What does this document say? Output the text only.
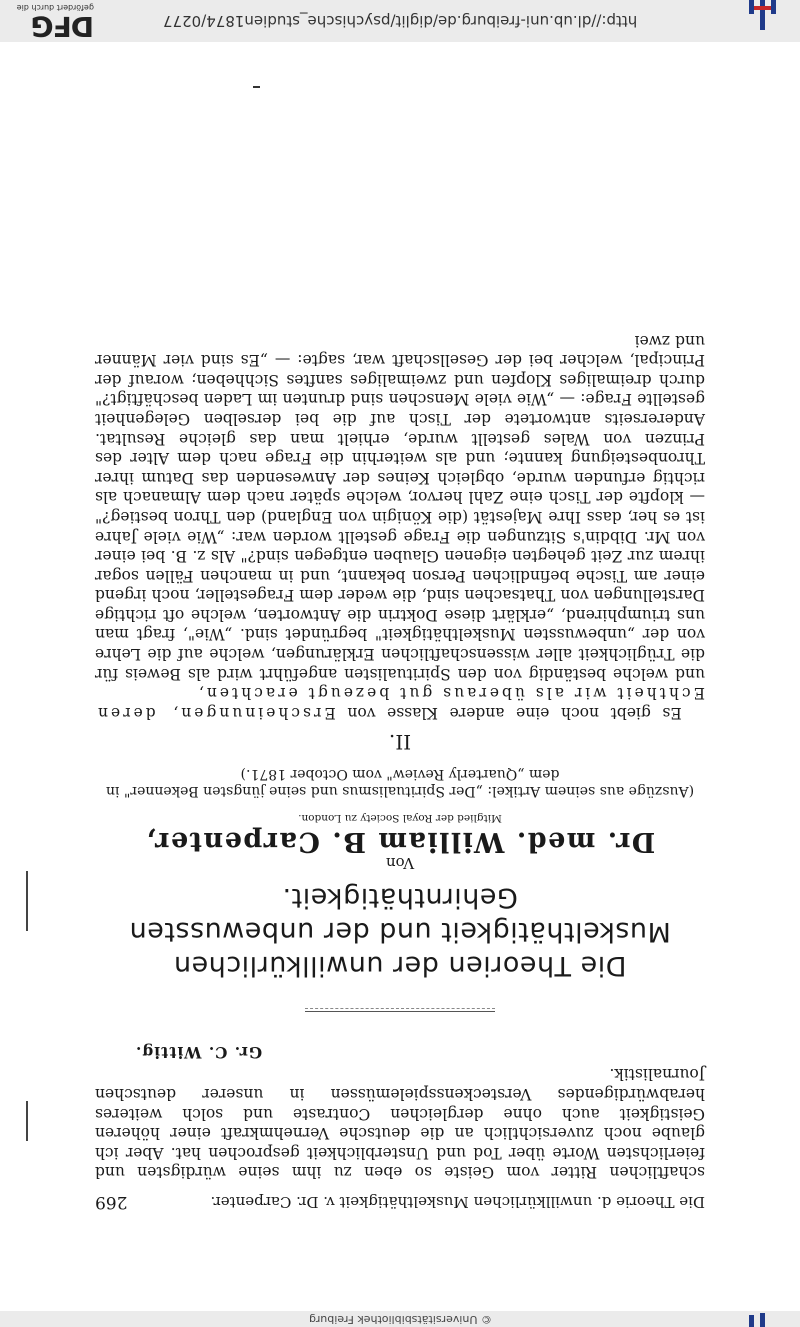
http://dl.ub.uni-freiburg.de/diglit/psychische_studien1874/0277
DFG
gefördert durch die
Die Theorie d. unwillkürlichen Muskelthätigkeit v. Dr. Carpenter.
269

schaftlichen Ritter vom Geiste so eben zu ihm seine würdigsten und feierlichsten Worte über Tod und Unsterblichkeit gesprochen hat. Aber ich glaube noch zuversichtlich an die deutsche Vernehmkraft einer höheren Geistigkeit auch ohne dergleichen Contraste und solch weiteres herabwürdigendes Versteckensspielemüssen in unserer deutschen Journalistik.

Gr. C. Wittig.
Die Theorien der unwillkürlichen Muskelthätigkeit und der unbewussten Gehirnthätigkeit.
Von
Dr. med. William B. Carpenter,
Mitglied der Royal Society zu London.
(Auszüge aus seinem Artikel: „Der Spiritualismus und seine jüngsten Bekenner" in dem „Quarterly Review" vom October 1871.)
II.

Es giebt noch eine andere Klasse von Erscheinungen, deren Echtheit wir als überaus gut bezeugt erachten,

und welche beständig von den Spiritualisten angeführt wird als Beweis für die Trüglichkeit aller wissenschaftlichen Erklärungen, welche auf die Lehre von der „unbewussten Muskelthätigkeit" begründet sind. „Wie", fragt man uns triumphirend, „erklärt diese Doktrin die Antworten, welche oft richtige Darstellungen von Thatsachen sind, die weder dem Fragesteller, noch irgend einer am Tische befindlichen Person bekannt, und in manchen Fällen sogar ihrem zur Zeit gehegten eigenen Glauben entgegen sind?" Als z. B. bei einer von Mr. Dibdin's Sitzungen die Frage gestellt worden war: „Wie viele Jahre ist es her, dass Ihre Majestät (die Königin von England) den Thron bestieg?" — klopfte der Tisch eine Zahl hervor, welche später nach dem Almanach als richtig erfunden wurde, obgleich Keines der Anwesenden das Datum ihrer Thronbesteigung kannte; und als weiterhin die Frage nach dem Alter des Prinzen von Wales gestellt wurde, erhielt man das gleiche Resultat. Andererseits antwortete der Tisch auf die bei derselben Gelegenheit gestellte Frage: — „Wie viele Menschen sind drunten im Laden beschäftigt?" durch dreimaliges Klopfen und zweimaliges sanftes Sichheben; worauf der Principal, welcher bei der Gesellschaft war, sagte: — „Es sind vier Männer und zwei

© Universitätsbibliothek Freiburg
